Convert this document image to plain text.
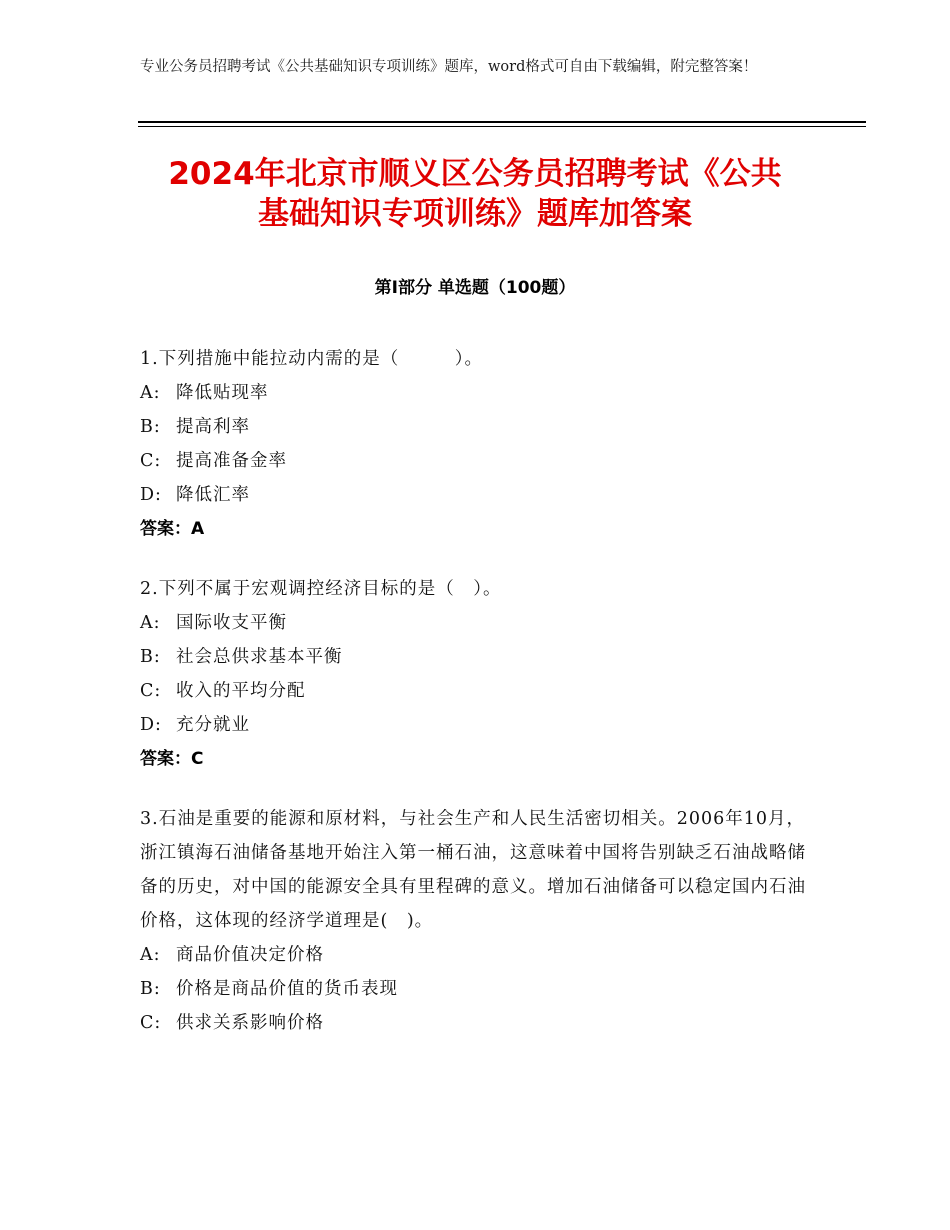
专业公务员招聘考试《公共基础知识专项训练》题库，word格式可自由下载编辑，附完整答案！
2024年北京市顺义区公务员招聘考试《公共
基础知识专项训练》题库加答案
第Ⅰ部分 单选题（100题）
1.下列措施中能拉动内需的是（　　　）。
A: 降低贴现率
B: 提高利率
C: 提高准备金率
D: 降低汇率
答案：A
2.下列不属于宏观调控经济目标的是（　）。
A: 国际收支平衡
B: 社会总供求基本平衡
C: 收入的平均分配
D: 充分就业
答案：C
3.石油是重要的能源和原材料，与社会生产和人民生活密切相关。2006年10月，浙江镇海石油储备基地开始注入第一桶石油，这意味着中国将告别缺乏石油战略储备的历史，对中国的能源安全具有里程碑的意义。增加石油储备可以稳定国内石油价格，这体现的经济学道理是(　)。
A: 商品价值决定价格
B: 价格是商品价值的货币表现
C: 供求关系影响价格
